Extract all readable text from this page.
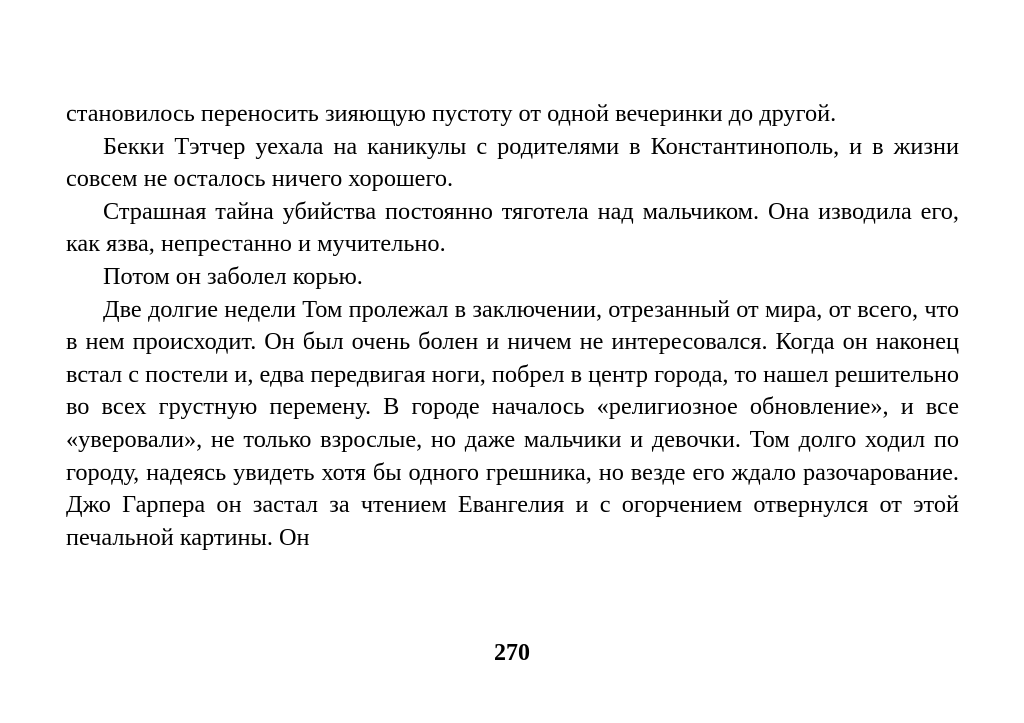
становилось переносить зияющую пустоту от одной вечеринки до другой.

Бекки Тэтчер уехала на каникулы с родителями в Константинополь, и в жизни совсем не осталось ничего хорошего.

Страшная тайна убийства постоянно тяготела над мальчиком. Она изводила его, как язва, непрестанно и мучительно.

Потом он заболел корью.

Две долгие недели Том пролежал в заключении, отрезанный от мира, от всего, что в нем происходит. Он был очень болен и ничем не интересовался. Когда он наконец встал с постели и, едва передвигая ноги, побрел в центр города, то нашел решительно во всех грустную перемену. В городе началось «религиозное обновление», и все «уверовали», не только взрослые, но даже мальчики и девочки. Том долго ходил по городу, надеясь увидеть хотя бы одного грешника, но везде его ждало разочарование. Джо Гарпера он застал за чтением Евангелия и с огорчением отвернулся от этой печальной картины. Он

270
